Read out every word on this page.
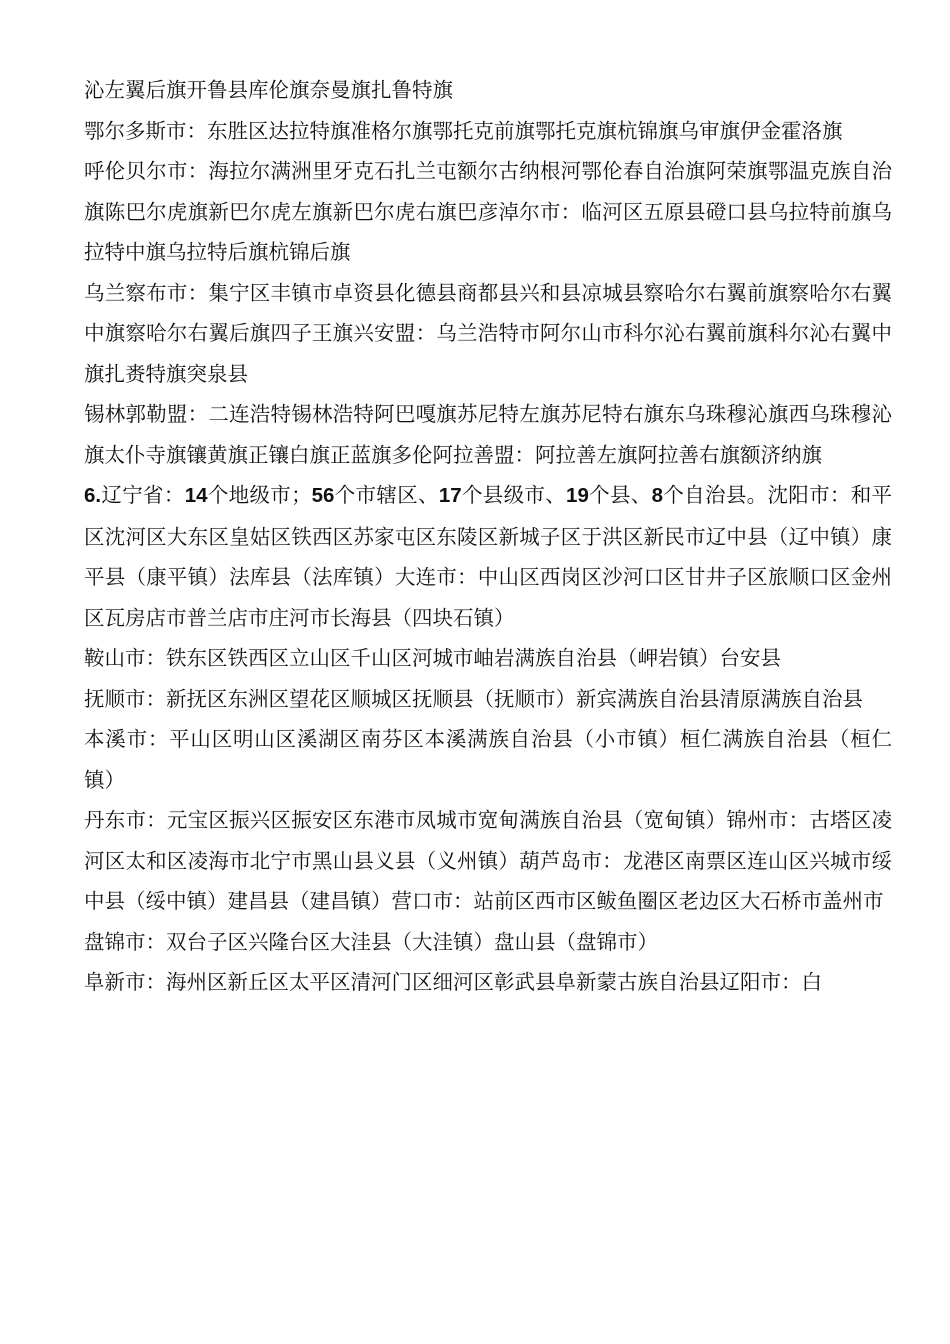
沁左翼后旗开鲁县库伦旗奈曼旗扎鲁特旗

鄂尔多斯市：东胜区达拉特旗准格尔旗鄂托克前旗鄂托克旗杭锦旗乌审旗伊金霍洛旗

呼伦贝尔市：海拉尔满洲里牙克石扎兰屯额尔古纳根河鄂伦春自治旗阿荣旗鄂温克族自治旗陈巴尔虎旗新巴尔虎左旗新巴尔虎右旗巴彦淖尔市：临河区五原县磴口县乌拉特前旗乌拉特中旗乌拉特后旗杭锦后旗

乌兰察布市：集宁区丰镇市卓资县化德县商都县兴和县凉城县察哈尔右翼前旗察哈尔右翼中旗察哈尔右翼后旗四子王旗兴安盟：乌兰浩特市阿尔山市科尔沁右翼前旗科尔沁右翼中旗扎赉特旗突泉县

锡林郭勒盟：二连浩特锡林浩特阿巴嘎旗苏尼特左旗苏尼特右旗东乌珠穆沁旗西乌珠穆沁旗太仆寺旗镶黄旗正镶白旗正蓝旗多伦阿拉善盟：阿拉善左旗阿拉善右旗额济纳旗

6.辽宁省：14个地级市；56个市辖区、17个县级市、19个县、8个自治县。沈阳市：和平区沈河区大东区皇姑区铁西区苏家屯区东陵区新城子区于洪区新民市辽中县（辽中镇）康平县（康平镇）法库县（法库镇）大连市：中山区西岗区沙河口区甘井子区旅顺口区金州区瓦房店市普兰店市庄河市长海县（四块石镇）

鞍山市：铁东区铁西区立山区千山区河城市岫岩满族自治县（岬岩镇）台安县

抚顺市：新抚区东洲区望花区顺城区抚顺县（抚顺市）新宾满族自治县清原满族自治县

本溪市：平山区明山区溪湖区南芬区本溪满族自治县（小市镇）桓仁满族自治县（桓仁镇）

丹东市：元宝区振兴区振安区东港市凤城市宽甸满族自治县（宽甸镇）锦州市：古塔区凌河区太和区凌海市北宁市黑山县义县（义州镇）葫芦岛市：龙港区南票区连山区兴城市绥中县（绥中镇）建昌县（建昌镇）营口市：站前区西市区鲅鱼圈区老边区大石桥市盖州市

盘锦市：双台子区兴隆台区大洼县（大洼镇）盘山县（盘锦市）

阜新市：海州区新丘区太平区清河门区细河区彰武县阜新蒙古族自治县辽阳市：白
